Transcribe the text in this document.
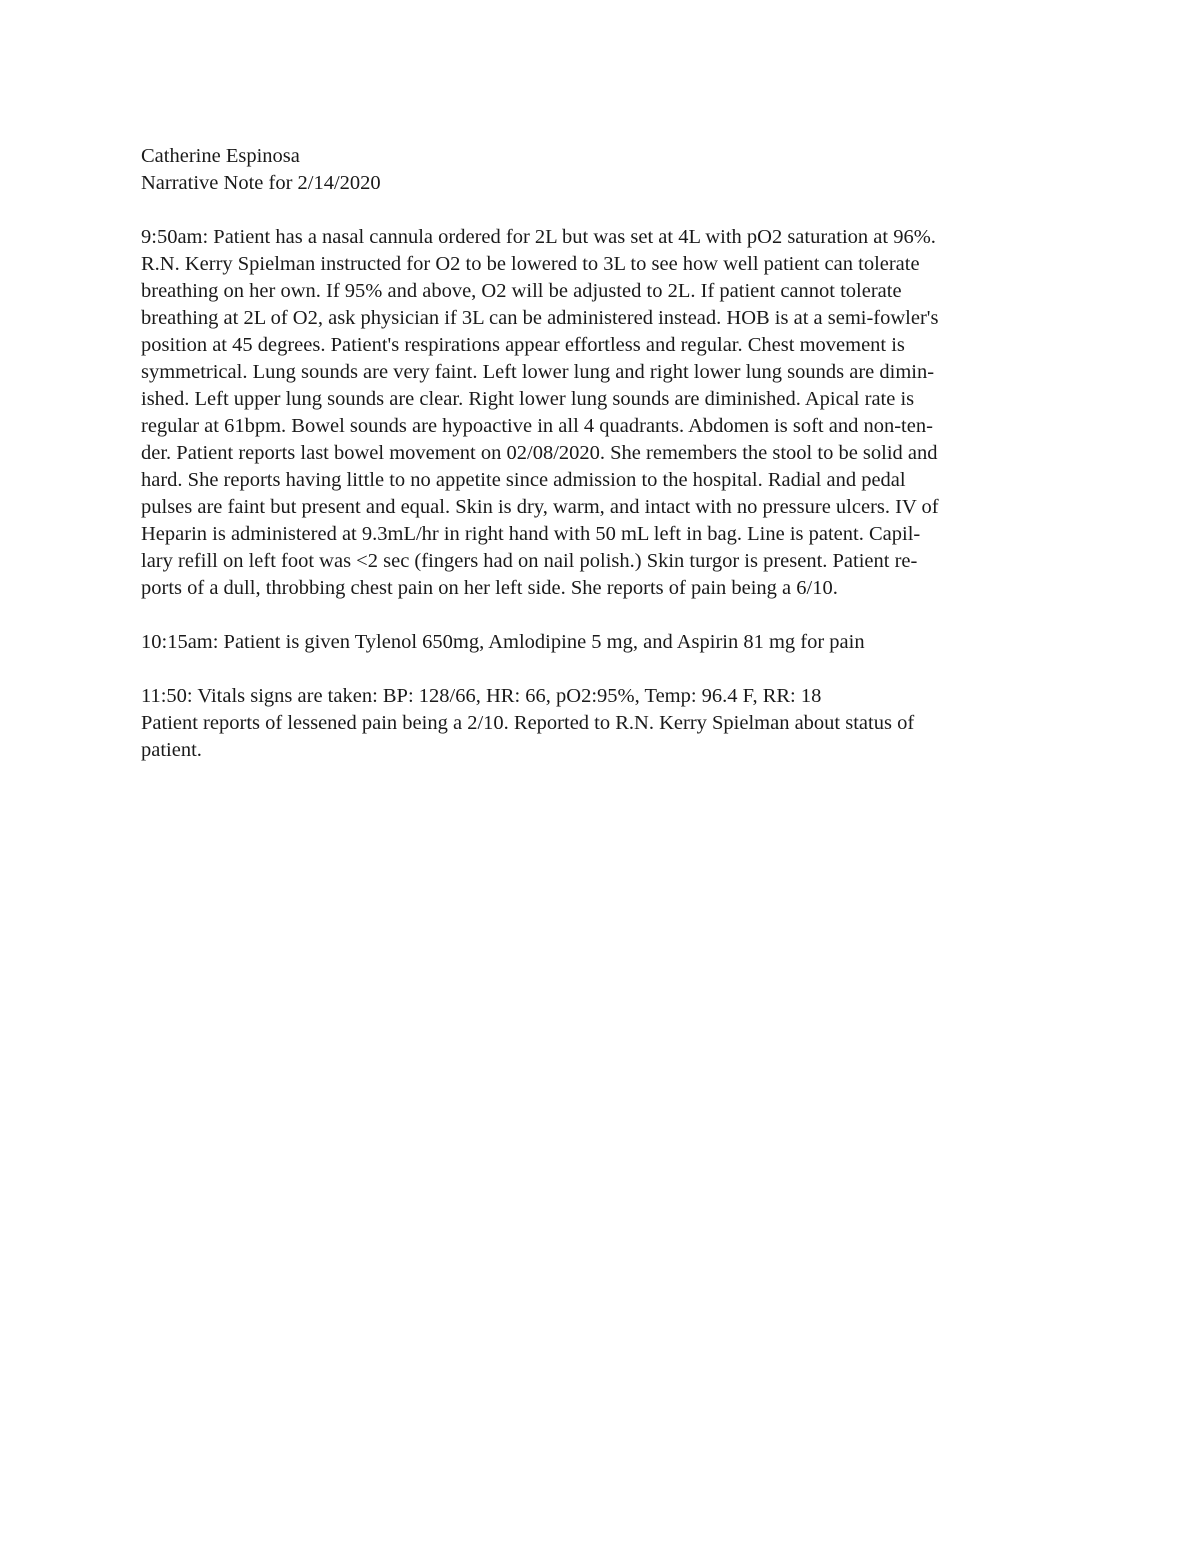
Catherine Espinosa
Narrative Note for 2/14/2020
9:50am: Patient has a nasal cannula ordered for 2L but was set at 4L with pO2 saturation at 96%.
R.N. Kerry Spielman instructed for O2 to be lowered to 3L to see how well patient can tolerate
breathing on her own. If 95% and above, O2 will be adjusted to 2L. If patient cannot tolerate
breathing at 2L of O2, ask physician if 3L can be administered instead. HOB is at a semi-fowler's
position at 45 degrees. Patient's respirations appear effortless and regular. Chest movement is
symmetrical. Lung sounds are very faint. Left lower lung and right lower lung sounds are dimin-
ished. Left upper lung sounds are clear. Right lower lung sounds are diminished. Apical rate is
regular at 61bpm. Bowel sounds are hypoactive in all 4 quadrants. Abdomen is soft and non-ten-
der. Patient reports last bowel movement on 02/08/2020. She remembers the stool to be solid and
hard. She reports having little to no appetite since admission to the hospital. Radial and pedal
pulses are faint but present and equal. Skin is dry, warm, and intact with no pressure ulcers. IV of
Heparin is administered at 9.3mL/hr in right hand with 50 mL left in bag. Line is patent. Capil-
lary refill on left foot was <2 sec (fingers had on nail polish.) Skin turgor is present. Patient re-
ports of a dull, throbbing chest pain on her left side. She reports of pain being a 6/10.
10:15am: Patient is given Tylenol 650mg, Amlodipine 5 mg, and Aspirin 81 mg for pain
11:50: Vitals signs are taken: BP: 128/66, HR: 66, pO2:95%, Temp: 96.4 F, RR: 18
Patient reports of lessened pain being a 2/10. Reported to R.N. Kerry Spielman about status of
patient.
